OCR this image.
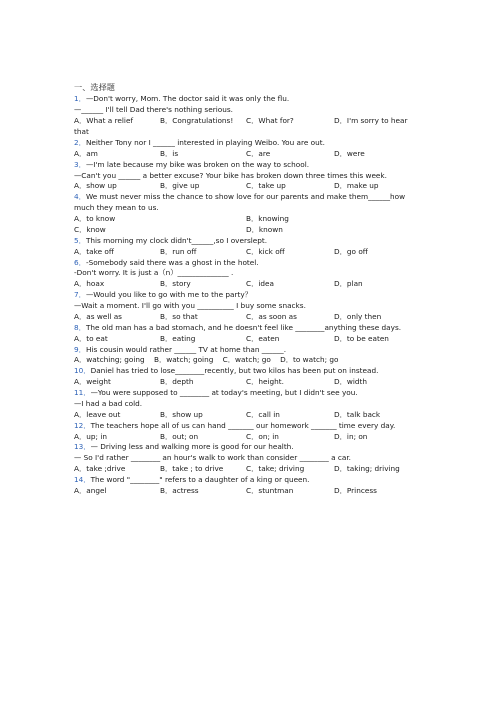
一、选择题
1．—Don't worry, Mom. The doctor said it was only the flu.
—______ I'll tell Dad there's nothing serious.
A．What a relief	B．Congratulations!	C．What for?	D．I'm sorry to hear
that
2．Neither Tony nor I ______ interested in playing Weibo. You are out.
A．am	B．is	C．are	D．were
3．—I'm late because my bike was broken on the way to school.
—Can't you ______ a better excuse? Your bike has broken down three times this week.
A．show up	B．give up	C．take up	D．make up
4．We must never miss the chance to show love for our parents and make them______how
much they mean to us.
A．to know	B．knowing
C．know	D．known
5．This morning my clock didn't______,so I overslept.
A．take off	B．run off	C．kick off	D．go off
6．-Somebody said there was a ghost in the hotel.
-Don't worry. It is just a（n）______________ .
A．hoax	B．story	C．idea	D．plan
7．—Would you like to go with me to the party？
—Wait a moment. I'll go with you __________ I buy some snacks.
A．as well as	B．so that	C．as soon as	D．only then
8．The old man has a bad stomach, and he doesn't feel like ________anything these days.
A．to eat	B．eating	C．eaten	D．to be eaten
9．His cousin would rather ______ TV at home than ______.
A．watching; going    B．watch; going    C．watch; go    D．to watch; go
10．Daniel has tried to lose________recently, but two kilos has been put on instead.
A．weight	B．depth	C．height.	D．width
11．—You were supposed to ________ at today's meeting, but I didn't see you.
—I had a bad cold.
A．leave out	B．show up	C．call in	D．talk back
12．The teachers hope all of us can hand _______ our homework _______ time every day.
A．up; in	B．out; on	C．on; in	D．in; on
13．— Driving less and walking more is good for our health.
— So I'd rather ________ an hour's walk to work than consider ________ a car.
A．take ;drive	B．take ; to drive	C．take; driving	D．taking; driving
14．The word "________" refers to a daughter of a king or queen.
A．angel	B．actress	C．stuntman	D．Princess
